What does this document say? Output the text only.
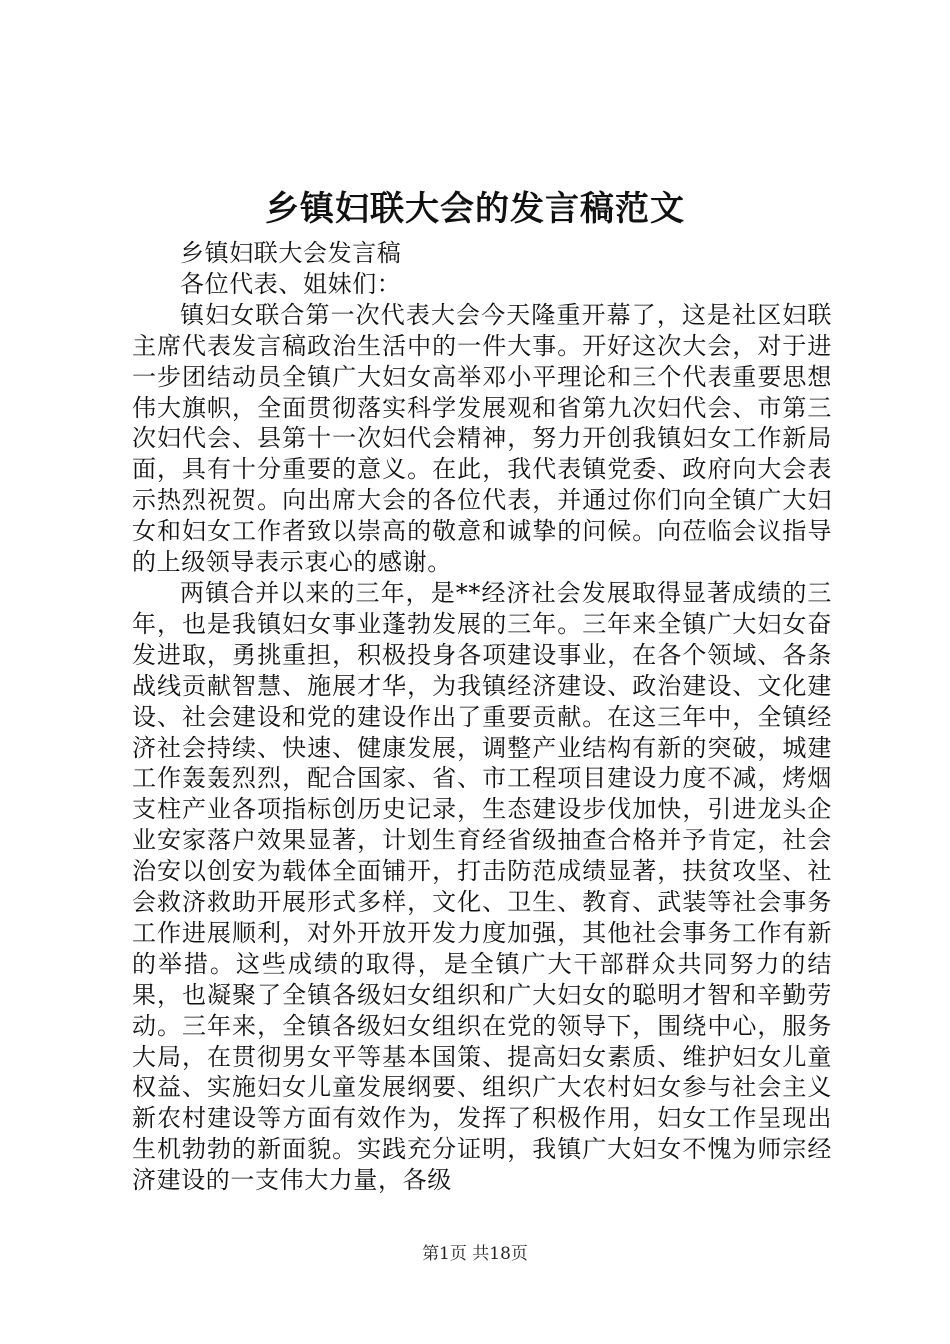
乡镇妇联大会的发言稿范文

乡镇妇联大会发言稿

各位代表、姐妹们：

镇妇女联合第一次代表大会今天隆重开幕了，这是社区妇联主席代表发言稿政治生活中的一件大事。开好这次大会，对于进一步团结动员全镇广大妇女高举邓小平理论和三个代表重要思想伟大旗帜，全面贯彻落实科学发展观和省第九次妇代会、市第三次妇代会、县第十一次妇代会精神，努力开创我镇妇女工作新局面，具有十分重要的意义。在此，我代表镇党委、政府向大会表示热烈祝贺。向出席大会的各位代表，并通过你们向全镇广大妇女和妇女工作者致以崇高的敬意和诚挚的问候。向莅临会议指导的上级领导表示衷心的感谢。

两镇合并以来的三年，是**经济社会发展取得显著成绩的三年，也是我镇妇女事业蓬勃发展的三年。三年来全镇广大妇女奋发进取，勇挑重担，积极投身各项建设事业，在各个领域、各条战线贡献智慧、施展才华，为我镇经济建设、政治建设、文化建设、社会建设和党的建设作出了重要贡献。在这三年中，全镇经济社会持续、快速、健康发展，调整产业结构有新的突破，城建工作轰轰烈烈，配合国家、省、市工程项目建设力度不减，烤烟支柱产业各项指标创历史记录，生态建设步伐加快，引进龙头企业安家落户效果显著，计划生育经省级抽查合格并予肯定，社会治安以创安为载体全面铺开，打击防范成绩显著，扶贫攻坚、社会救济救助开展形式多样，文化、卫生、教育、武装等社会事务工作进展顺利，对外开放开发力度加强，其他社会事务工作有新的举措。这些成绩的取得，是全镇广大干部群众共同努力的结果，也凝聚了全镇各级妇女组织和广大妇女的聪明才智和辛勤劳动。三年来，全镇各级妇女组织在党的领导下，围绕中心，服务大局，在贯彻男女平等基本国策、提高妇女素质、维护妇女儿童权益、实施妇女儿童发展纲要、组织广大农村妇女参与社会主义新农村建设等方面有效作为，发挥了积极作用，妇女工作呈现出生机勃勃的新面貌。实践充分证明，我镇广大妇女不愧为师宗经济建设的一支伟大力量，各级

第1页 共18页
